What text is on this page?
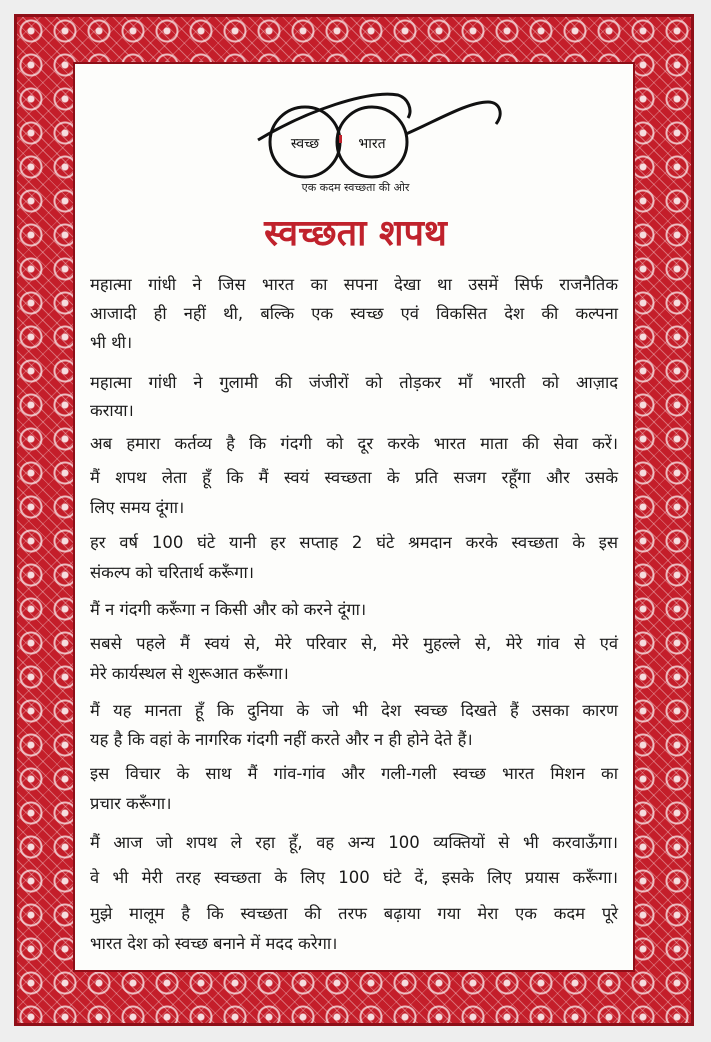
स्वच्छ	भारत
एक कदम स्वच्छता की ओर
स्वच्छता शपथ
महात्मा गांधी ने जिस भारत का सपना देखा था उसमें सिर्फ राजनैतिक
आजादी ही नहीं थी, बल्कि एक स्वच्छ एवं विकसित देश की कल्पना
भी थी।
महात्मा गांधी ने गुलामी की जंजीरों को तोड़कर माँ भारती को आज़ाद
कराया।
अब हमारा कर्तव्य है कि गंदगी को दूर करके भारत माता की सेवा करें।
मैं शपथ लेता हूँ कि मैं स्वयं स्वच्छता के प्रति सजग रहूँगा और उसके
लिए समय दूंगा।
हर वर्ष 100 घंटे यानी हर सप्ताह 2 घंटे श्रमदान करके स्वच्छता के इस
संकल्प को चरितार्थ करूँगा।
मैं न गंदगी करूँगा न किसी और को करने दूंगा।
सबसे पहले मैं स्वयं से, मेरे परिवार से, मेरे मुहल्ले से, मेरे गांव से एवं
मेरे कार्यस्थल से शुरूआत करूँगा।
मैं यह मानता हूँ कि दुनिया के जो भी देश स्वच्छ दिखते हैं उसका कारण
यह है कि वहां के नागरिक गंदगी नहीं करते और न ही होने देते हैं।
इस विचार के साथ मैं गांव-गांव और गली-गली स्वच्छ भारत मिशन का
प्रचार करूँगा।
मैं आज जो शपथ ले रहा हूँ, वह अन्य 100 व्यक्तियों से भी करवाऊँगा।
वे भी मेरी तरह स्वच्छता के लिए 100 घंटे दें, इसके लिए प्रयास करूँगा।
मुझे मालूम है कि स्वच्छता की तरफ बढ़ाया गया मेरा एक कदम पूरे
भारत देश को स्वच्छ बनाने में मदद करेगा।
